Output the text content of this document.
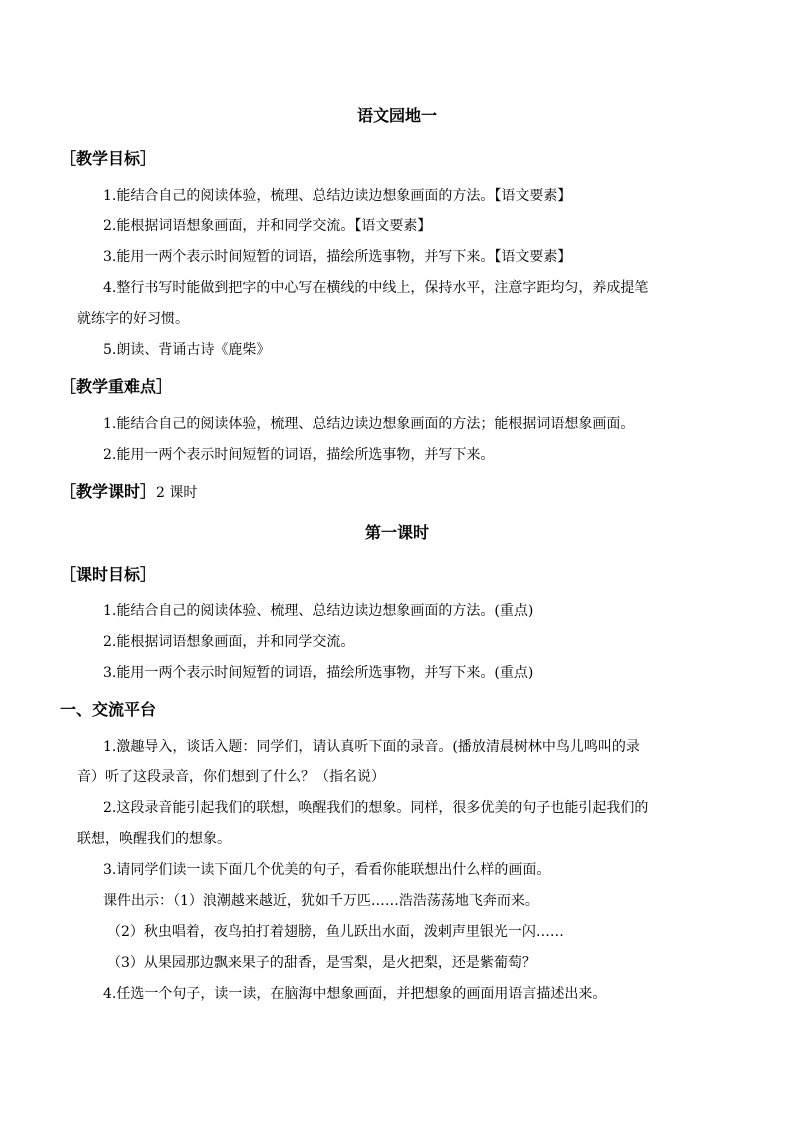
语文园地一
［教学目标］
1.能结合自己的阅读体验，梳理、总结边读边想象画面的方法。【语文要素】
2.能根据词语想象画面，并和同学交流。【语文要素】
3.能用一两个表示时间短暂的词语，描绘所选事物，并写下来。【语文要素】
4.整行书写时能做到把字的中心写在横线的中线上，保持水平，注意字距均匀，养成提笔
就练字的好习惯。
5.朗读、背诵古诗《鹿柴》
［教学重难点］
1.能结合自己的阅读体验，梳理、总结边读边想象画面的方法；能根据词语想象画面。
2.能用一两个表示时间短暂的词语，描绘所选事物，并写下来。
［教学课时］2 课时
第一课时
［课时目标］
1.能结合自己的阅读体验、梳理、总结边读边想象画面的方法。(重点)
2.能根据词语想象画面，并和同学交流。
3.能用一两个表示时间短暂的词语，描绘所选事物，并写下来。(重点)
一、交流平台
1.激趣导入，谈话入题：同学们，请认真听下面的录音。(播放清晨树林中鸟儿鸣叫的录
音）听了这段录音，你们想到了什么？（指名说）
2.这段录音能引起我们的联想，唤醒我们的想象。同样，很多优美的句子也能引起我们的
联想，唤醒我们的想象。
3.请同学们读一读下面几个优美的句子，看看你能联想出什么样的画面。
课件出示：（1）浪潮越来越近，犹如千万匹……浩浩荡荡地飞奔而来。
（2）秋虫唱着，夜鸟拍打着翅膀，鱼儿跃出水面，泼剌声里银光一闪……
（3）从果园那边飘来果子的甜香，是雪梨，是火把梨，还是紫葡萄？
4.任选一个句子，读一读，在脑海中想象画面，并把想象的画面用语言描述出来。
